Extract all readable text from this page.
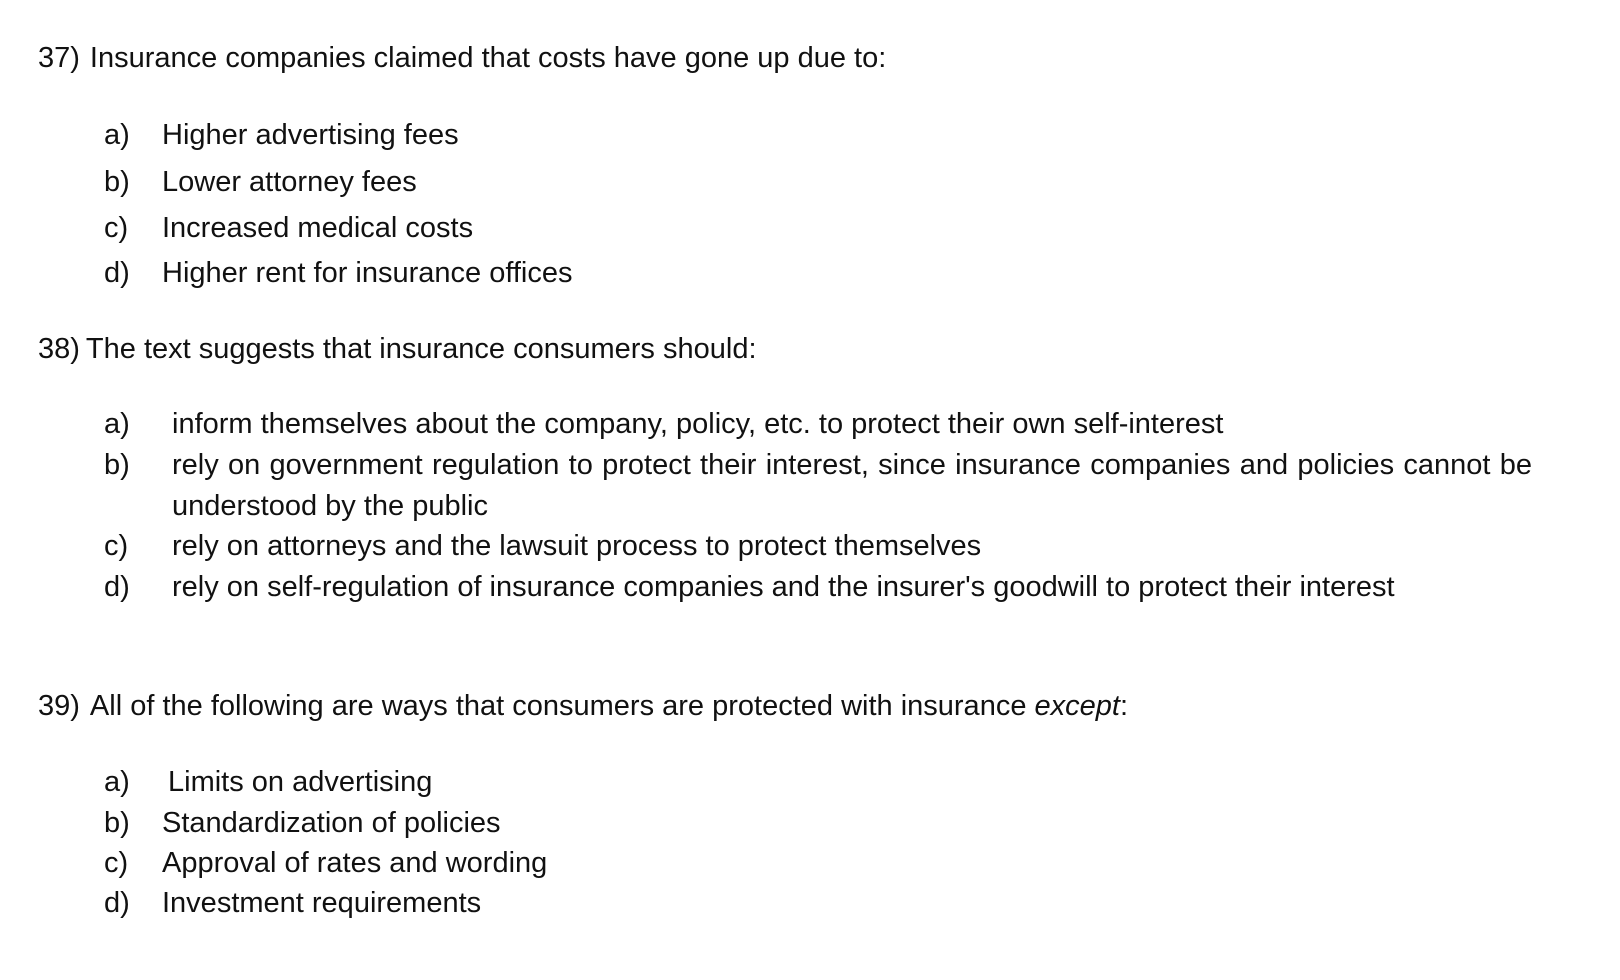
37) Insurance companies claimed that costs have gone up due to:
a)	Higher advertising fees
b)	Lower attorney fees
c)	Increased medical costs
d)	Higher rent for insurance offices
38) The text suggests that insurance consumers should:
a)	inform themselves about the company, policy, etc. to protect their own self-interest
b)	rely on government regulation to protect their interest, since insurance companies and policies cannot be understood by the public
c)	rely on attorneys and the lawsuit process to protect themselves
d)	rely on self-regulation of insurance companies and the insurer's goodwill to protect their interest
39) All of the following are ways that consumers are protected with insurance except:
a)	Limits on advertising
b)	Standardization of policies
c)	Approval of rates and wording
d)	Investment requirements
